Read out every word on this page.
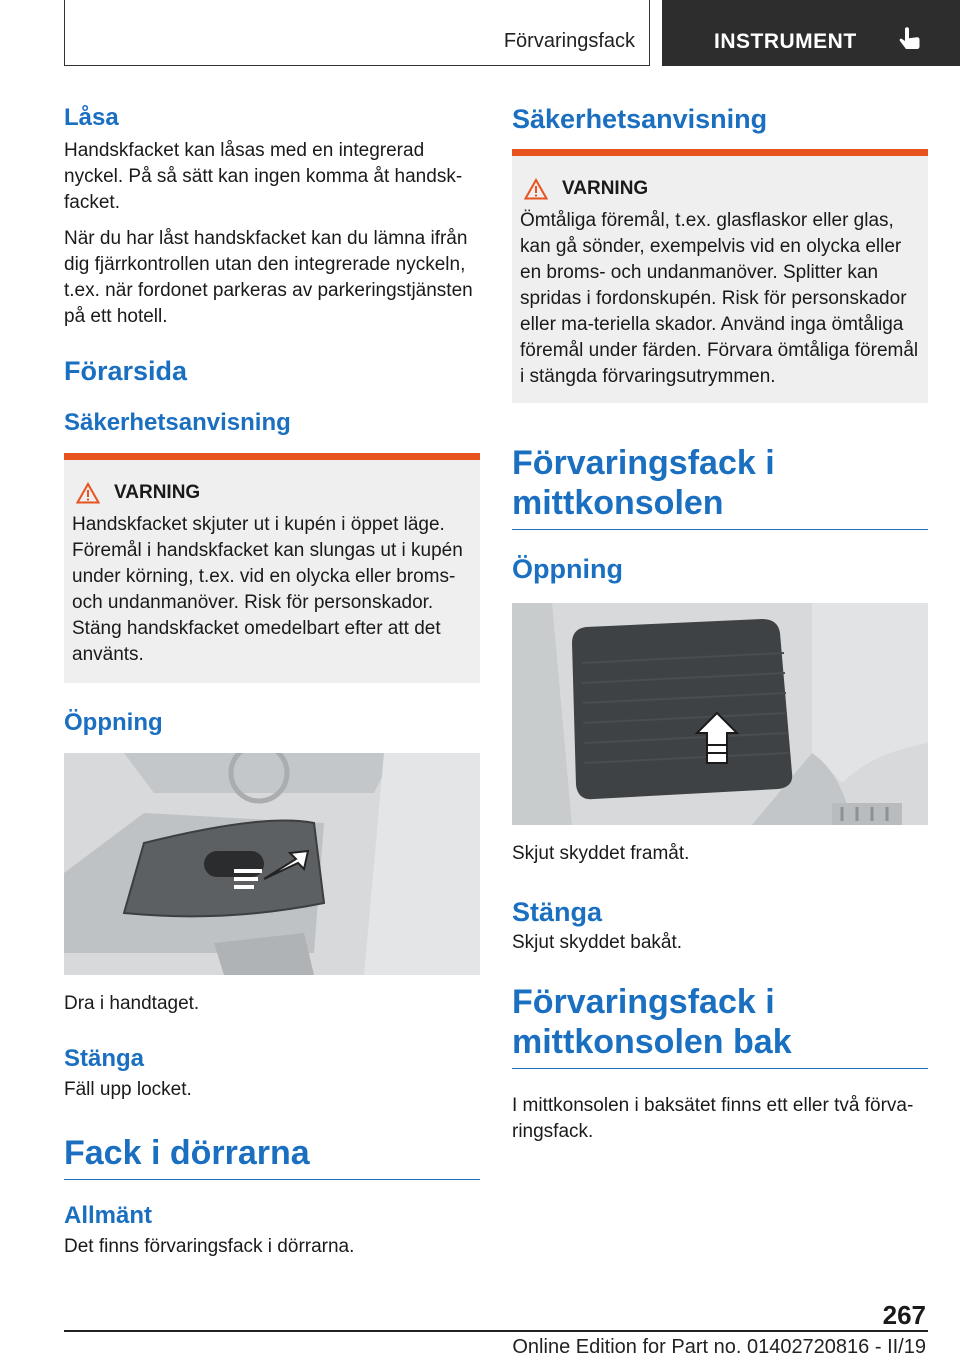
Förvaringsfack	INSTRUMENT
Låsa

Handskfacket kan låsas med en integrerad nyckel. På så sätt kan ingen komma åt handsk-facket.

När du har låst handskfacket kan du lämna ifrån dig fjärrkontrollen utan den integrerade nyckeln, t.ex. när fordonet parkeras av parkeringstjänsten på ett hotell.

Förarsida
Säkerhetsanvisning
VARNING
Handskfacket skjuter ut i kupén i öppet läge. Föremål i handskfacket kan slungas ut i kupén under körning, t.ex. vid en olycka eller broms- och undanmanöver. Risk för personskador. Stäng handskfacket omedelbart efter att det använts.
Öppning

Dra i handtaget.

Stänga

Fäll upp locket.

Fack i dörrarna
Allmänt

Det finns förvaringsfack i dörrarna.

Säkerhetsanvisning
VARNING
Ömtåliga föremål, t.ex. glasflaskor eller glas, kan gå sönder, exempelvis vid en olycka eller en broms- och undanmanöver. Splitter kan spridas i fordonskupén. Risk för personskador eller ma-teriella skador. Använd inga ömtåliga föremål under färden. Förvara ömtåliga föremål i stängda förvaringsutrymmen.
Förvaringsfack i mittkonsolen
Öppning

Skjut skyddet framåt.

Stänga

Skjut skyddet bakåt.

Förvaringsfack i mittkonsolen bak

I mittkonsolen i baksätet finns ett eller två förva-ringsfack.

267
Online Edition for Part no. 01402720816 - II/19
